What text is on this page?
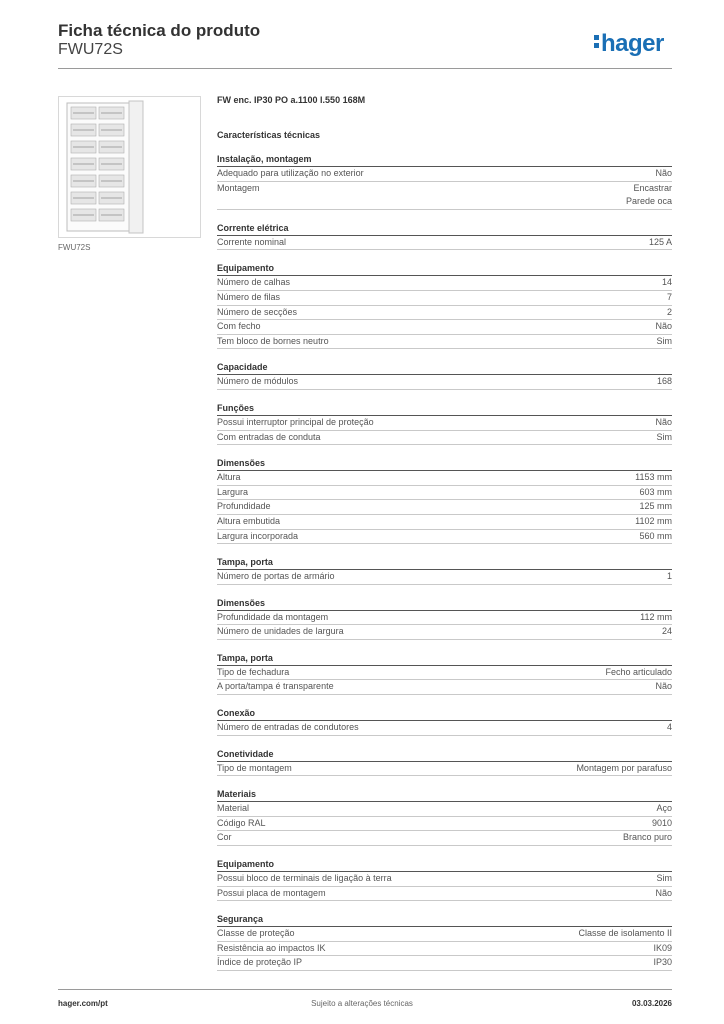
Ficha técnica do produto
FWU72S	hager
FWU72S
FW enc. IP30 PO a.1100 l.550 168M
Características técnicas
Instalação, montagem
Adequado para utilização no exterior	Não
Montagem	Encastrar
Parede oca
Corrente elétrica
Corrente nominal	125 A
Equipamento
Número de calhas	14
Número de filas	7
Número de secções	2
Com fecho	Não
Tem bloco de bornes neutro	Sim
Capacidade
Número de módulos	168
Funções
Possui interruptor principal de proteção	Não
Com entradas de conduta	Sim
Dimensões
Altura	1153 mm
Largura	603 mm
Profundidade	125 mm
Altura embutida	1102 mm
Largura incorporada	560 mm
Tampa, porta
Número de portas de armário	1
Dimensões
Profundidade da montagem	112 mm
Número de unidades de largura	24
Tampa, porta
Tipo de fechadura	Fecho articulado
A porta/tampa é transparente	Não
Conexão
Número de entradas de condutores	4
Conetividade
Tipo de montagem	Montagem por parafuso
Materiais
Material	Aço
Código RAL	9010
Cor	Branco puro
Equipamento
Possui bloco de terminais de ligação à terra	Sim
Possui placa de montagem	Não
Segurança
Classe de proteção	Classe de isolamento II
Resistência ao impactos IK	IK09
Índice de proteção IP	IP30
hager.com/pt	Sujeito a alterações técnicas	03.03.2026
